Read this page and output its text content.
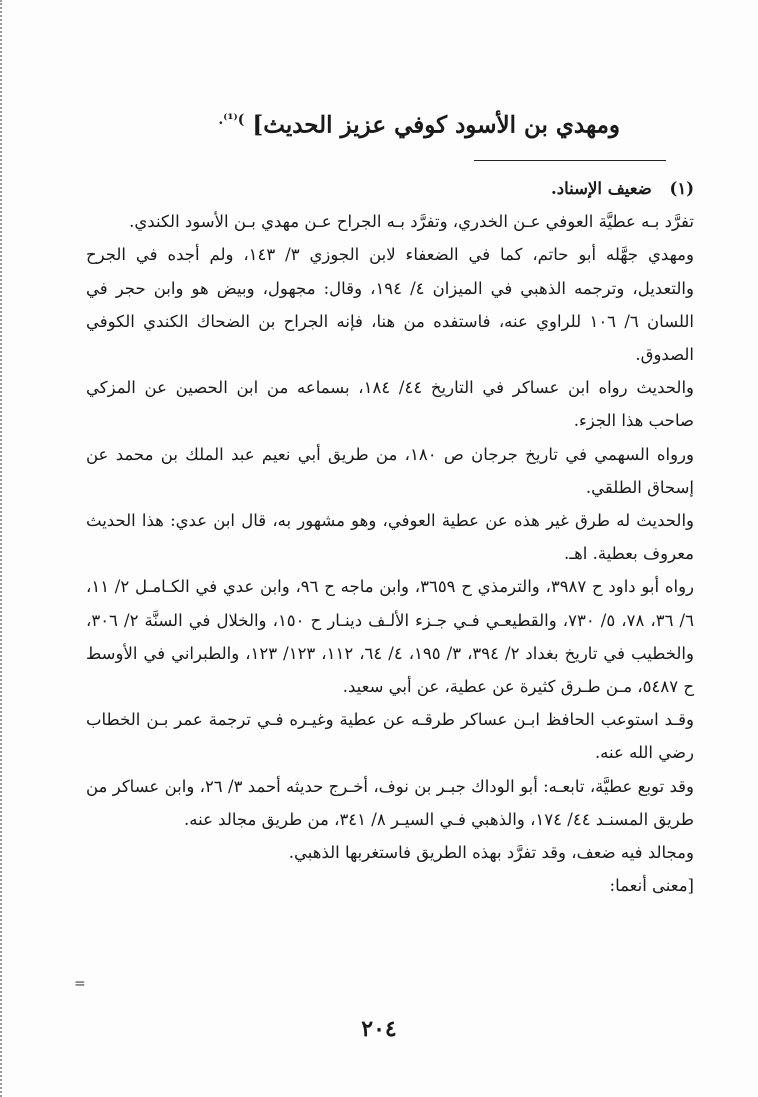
ومهدي بن الأسود كوفي عزيز الحديث] $^{)^{(1)}.}$

(١) ضعيف الإسناد.

تفرَّد بـه عطيَّة العوفي عـن الخدري، وتفرَّد بـه الجراح عـن مهدي بـن الأسود الكندي.

ومهدي جهَّله أبو حاتم، كما في الضعفاء لابن الجوزي ٣/ ١٤٣، ولم أجده في الجرح والتعديل، وترجمه الذهبي في الميزان ٤/ ١٩٤، وقال: مجهول، وبيض هو وابن حجر في اللسان ٦/ ١٠٦ للراوي عنه، فاستفده من هنا، فإنه الجراح بن الضحاك الكندي الكوفي الصدوق.

والحديث رواه ابن عساكر في التاريخ ٤٤/ ١٨٤، بسماعه من ابن الحصين عن المزكي صاحب هذا الجزء.

ورواه السهمي في تاريخ جرجان ص ١٨٠، من طريق أبي نعيم عبد الملك بن محمد عن إسحاق الطلقي.

والحديث له طرق غير هذه عن عطية العوفي، وهو مشهور به، قال ابن عدي: هذا الحديث معروف بعطية. اهـ.

رواه أبو داود ح ٣٩٨٧، والترمذي ح ٣٦٥٩، وابن ماجه ح ٩٦، وابن عدي في الكـامـل ٢/ ١١، ٦/ ٣٦، ٧٨، ٥/ ٧٣٠، والقطيعـي فـي جـزء الألـف دينـار ح ١٥٠، والخلال في السنَّة ٢/ ٣٠٦، والخطيب في تاريخ بغداد ٢/ ٣٩٤، ٣/ ١٩٥، ٤/ ٦٤، ١١٢، ١٢٣/ ١٢٣، والطبراني في الأوسط ح ٥٤٨٧، مـن طـرق كثيرة عن عطية، عن أبي سعيد.

وقـد استوعب الحافظ ابـن عساكر طرقـه عن عطية وغيـره فـي ترجمة عمر بـن الخطاب رضي الله عنه.

وقد توبع عطيَّة، تابعـه: أبو الوداك جبـر بن نوف، أخـرج حديثه أحمد ٣/ ٢٦، وابن عساكر من طريق المسنـد ٤٤/ ١٧٤، والذهبي فـي السيـر ٨/ ٣٤١، من طريق مجالد عنه.

ومجالد فيه ضعف، وقد تفرَّد بهذه الطريق فاستغربها الذهبي.

[معنى أنعما:

=
٢٠٤
